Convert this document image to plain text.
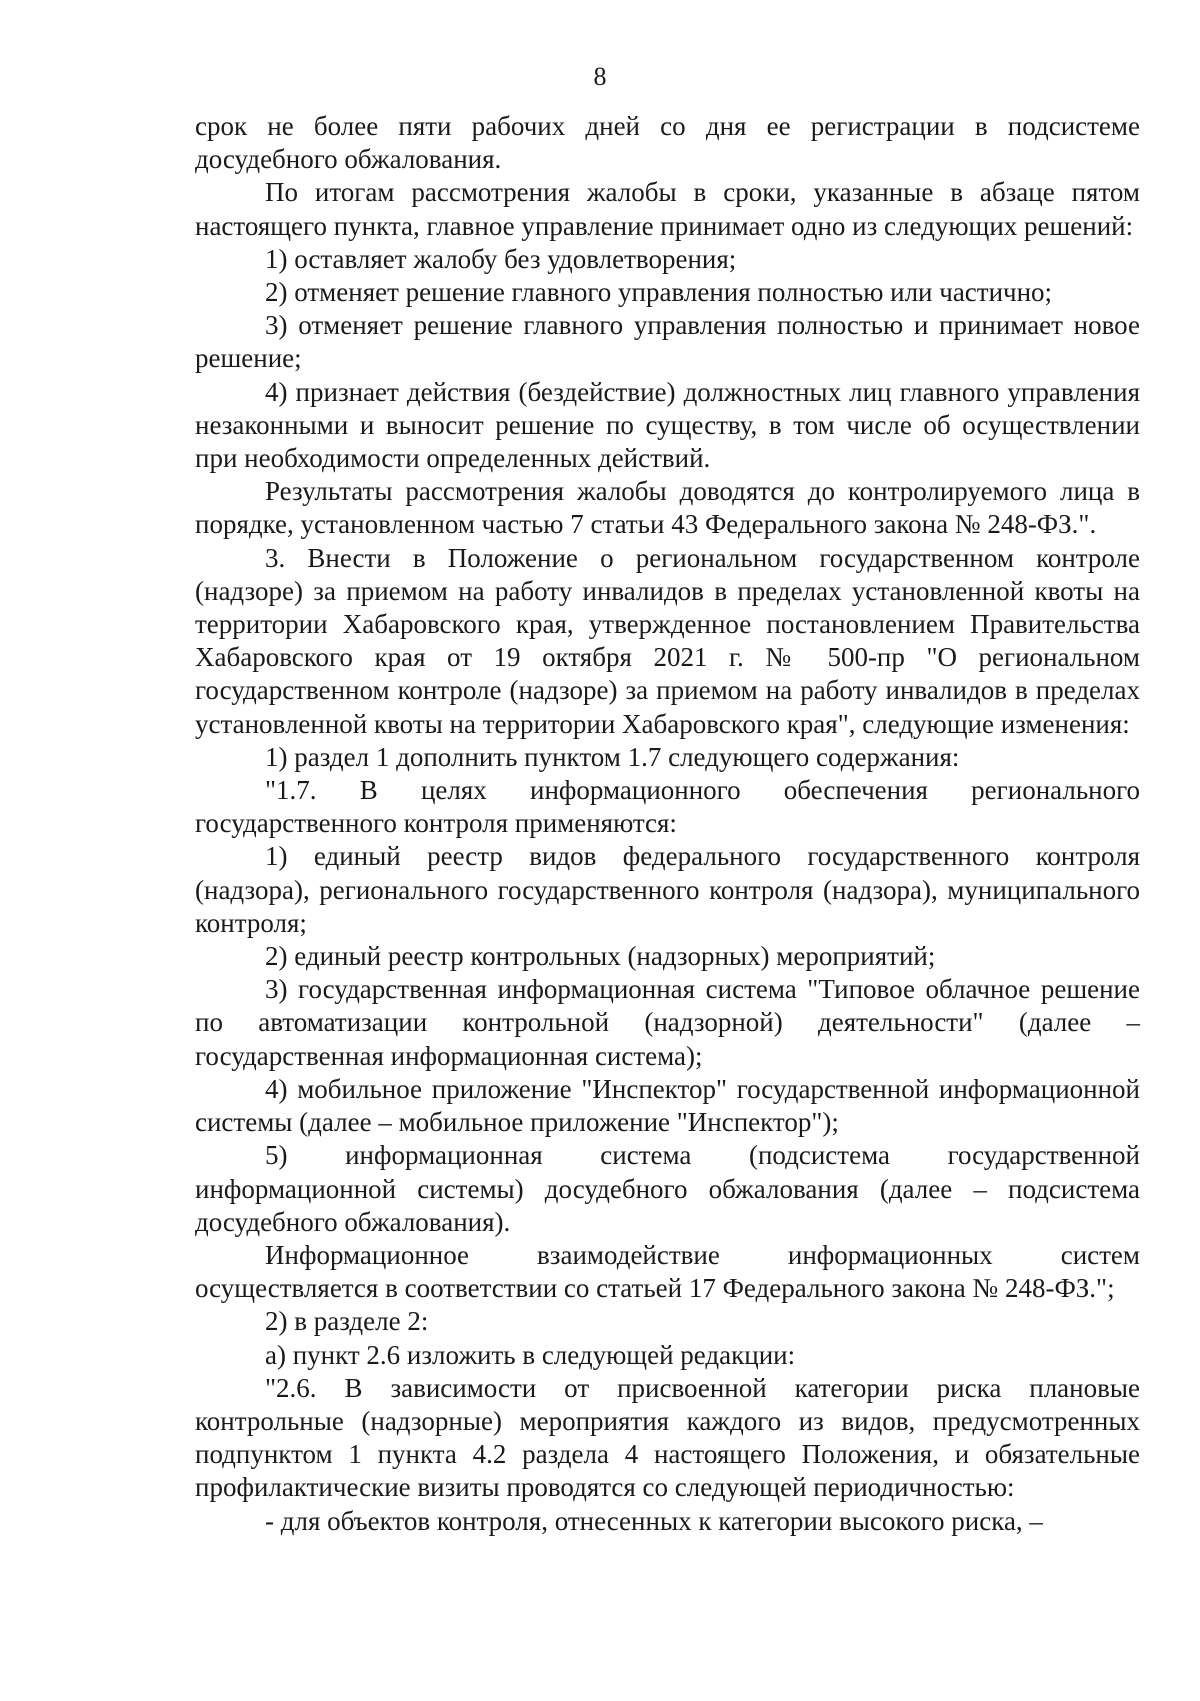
8

срок не более пяти рабочих дней со дня ее регистрации в подсистеме досудебного обжалования.

По итогам рассмотрения жалобы в сроки, указанные в абзаце пятом настоящего пункта, главное управление принимает одно из следующих решений:

1) оставляет жалобу без удовлетворения;

2) отменяет решение главного управления полностью или частично;

3) отменяет решение главного управления полностью и принимает новое решение;

4) признает действия (бездействие) должностных лиц главного управления незаконными и выносит решение по существу, в том числе об осуществлении при необходимости определенных действий.

Результаты рассмотрения жалобы доводятся до контролируемого лица в порядке, установленном частью 7 статьи 43 Федерального закона № 248-ФЗ.".

3. Внести в Положение о региональном государственном контроле (надзоре) за приемом на работу инвалидов в пределах установленной квоты на территории Хабаровского края, утвержденное постановлением Правительства Хабаровского края от 19 октября 2021 г. № 500-пр "О региональном государственном контроле (надзоре) за приемом на работу инвалидов в пределах установленной квоты на территории Хабаровского края", следующие изменения:

1) раздел 1 дополнить пунктом 1.7 следующего содержания:

"1.7. В целях информационного обеспечения регионального государственного контроля применяются:

1) единый реестр видов федерального государственного контроля (надзора), регионального государственного контроля (надзора), муниципального контроля;

2) единый реестр контрольных (надзорных) мероприятий;

3) государственная информационная система "Типовое облачное решение по автоматизации контрольной (надзорной) деятельности" (далее – государственная информационная система);

4) мобильное приложение "Инспектор" государственной информационной системы (далее – мобильное приложение "Инспектор");

5) информационная система (подсистема государственной информационной системы) досудебного обжалования (далее – подсистема досудебного обжалования).

Информационное взаимодействие информационных систем осуществляется в соответствии со статьей 17 Федерального закона № 248-ФЗ.";

2) в разделе 2:

а) пункт 2.6 изложить в следующей редакции:

"2.6. В зависимости от присвоенной категории риска плановые контрольные (надзорные) мероприятия каждого из видов, предусмотренных подпунктом 1 пункта 4.2 раздела 4 настоящего Положения, и обязательные профилактические визиты проводятся со следующей периодичностью:

- для объектов контроля, отнесенных к категории высокого риска, –
